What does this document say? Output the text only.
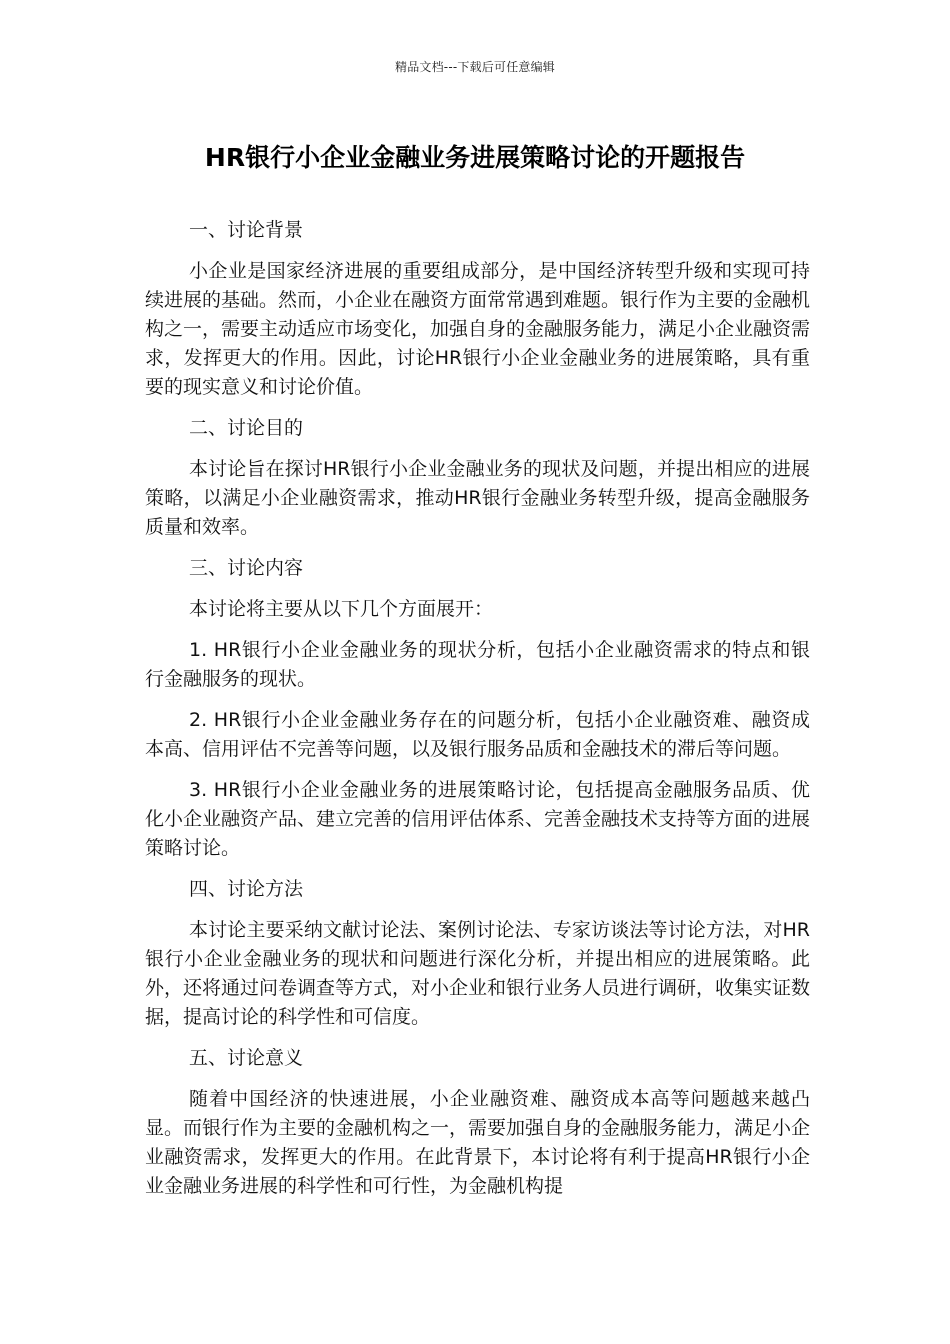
精品文档---下载后可任意编辑
HR银行小企业金融业务进展策略讨论的开题报告
一、讨论背景
小企业是国家经济进展的重要组成部分，是中国经济转型升级和实现可持续进展的基础。然而，小企业在融资方面常常遇到难题。银行作为主要的金融机构之一，需要主动适应市场变化，加强自身的金融服务能力，满足小企业融资需求，发挥更大的作用。因此，讨论HR银行小企业金融业务的进展策略，具有重要的现实意义和讨论价值。
二、讨论目的
本讨论旨在探讨HR银行小企业金融业务的现状及问题，并提出相应的进展策略，以满足小企业融资需求，推动HR银行金融业务转型升级，提高金融服务质量和效率。
三、讨论内容
本讨论将主要从以下几个方面展开：
1. HR银行小企业金融业务的现状分析，包括小企业融资需求的特点和银行金融服务的现状。
2. HR银行小企业金融业务存在的问题分析，包括小企业融资难、融资成本高、信用评估不完善等问题，以及银行服务品质和金融技术的滞后等问题。
3. HR银行小企业金融业务的进展策略讨论，包括提高金融服务品质、优化小企业融资产品、建立完善的信用评估体系、完善金融技术支持等方面的进展策略讨论。
四、讨论方法
本讨论主要采纳文献讨论法、案例讨论法、专家访谈法等讨论方法，对HR银行小企业金融业务的现状和问题进行深化分析，并提出相应的进展策略。此外，还将通过问卷调查等方式，对小企业和银行业务人员进行调研，收集实证数据，提高讨论的科学性和可信度。
五、讨论意义
随着中国经济的快速进展，小企业融资难、融资成本高等问题越来越凸显。而银行作为主要的金融机构之一，需要加强自身的金融服务能力，满足小企业融资需求，发挥更大的作用。在此背景下，本讨论将有利于提高HR银行小企业金融业务进展的科学性和可行性，为金融机构提
